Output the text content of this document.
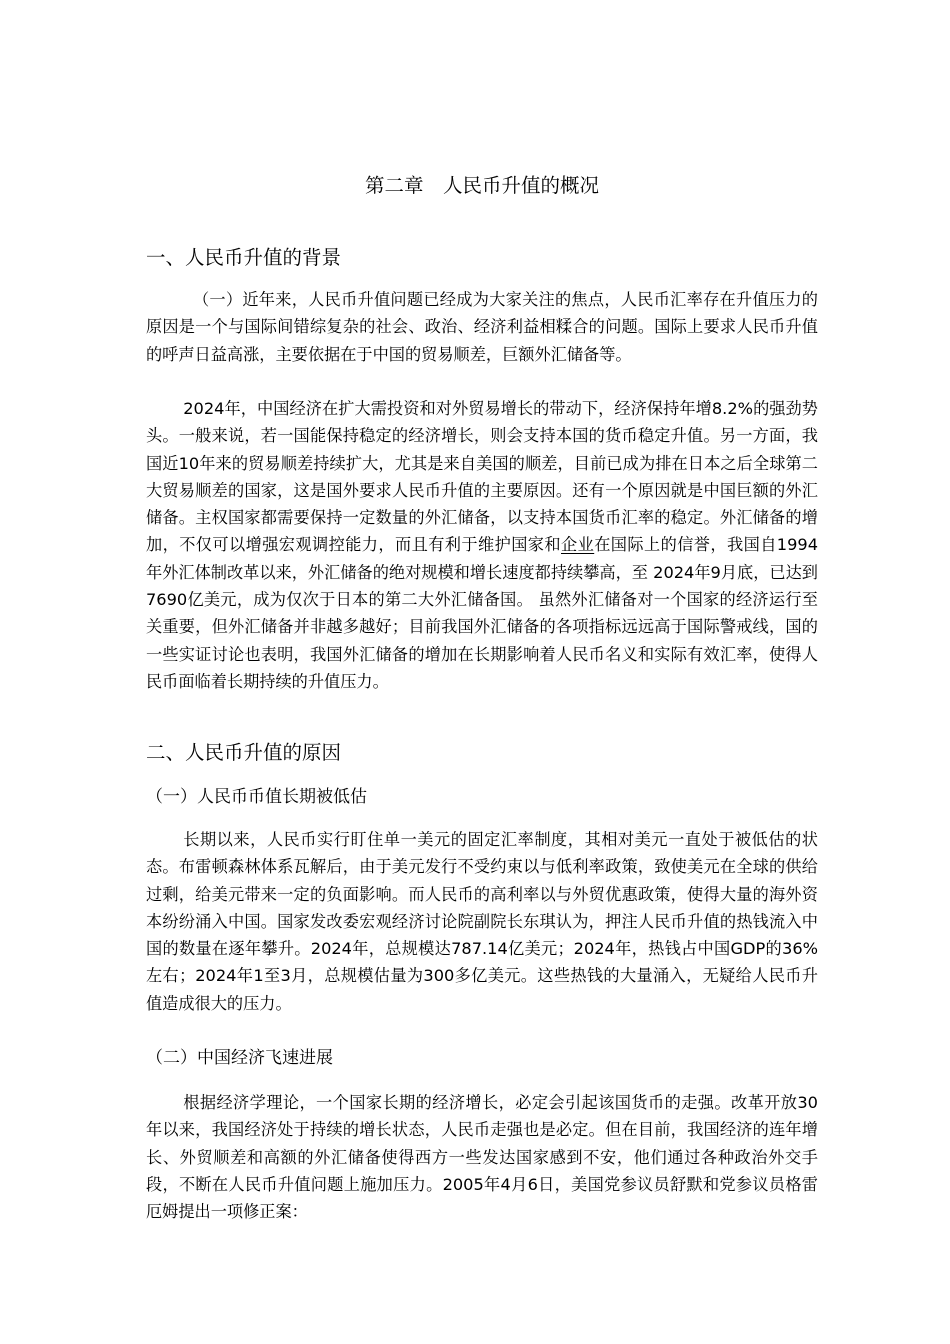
第二章　人民币升值的概况
一、人民币升值的背景

（一）近年来，人民币升值问题已经成为大家关注的焦点，人民币汇率存在升值压力的原因是一个与国际间错综复杂的社会、政治、经济利益相糅合的问题。国际上要求人民币升值的呼声日益高涨，主要依据在于中国的贸易顺差，巨额外汇储备等。

2024年，中国经济在扩大需投资和对外贸易增长的带动下，经济保持年增8.2%的强劲势头。一般来说，若一国能保持稳定的经济增长，则会支持本国的货币稳定升值。另一方面，我国近10年来的贸易顺差持续扩大，尤其是来自美国的顺差，目前已成为排在日本之后全球第二大贸易顺差的国家，这是国外要求人民币升值的主要原因。还有一个原因就是中国巨额的外汇储备。主权国家都需要保持一定数量的外汇储备，以支持本国货币汇率的稳定。外汇储备的增加，不仅可以增强宏观调控能力，而且有利于维护国家和企业在国际上的信誉，我国自1994年外汇体制改革以来，外汇储备的绝对规模和增长速度都持续攀高，至 2024年9月底，已达到7690亿美元，成为仅次于日本的第二大外汇储备国。 虽然外汇储备对一个国家的经济运行至关重要，但外汇储备并非越多越好；目前我国外汇储备的各项指标远远高于国际警戒线，国的一些实证讨论也表明，我国外汇储备的增加在长期影响着人民币名义和实际有效汇率，使得人民币面临着长期持续的升值压力。

二、人民币升值的原因
（一）人民币币值长期被低估

长期以来，人民币实行盯住单一美元的固定汇率制度，其相对美元一直处于被低估的状态。布雷顿森林体系瓦解后，由于美元发行不受约束以与低利率政策，致使美元在全球的供给过剩，给美元带来一定的负面影响。而人民币的高利率以与外贸优惠政策，使得大量的海外资本纷纷涌入中国。国家发改委宏观经济讨论院副院长东琪认为，押注人民币升值的热钱流入中国的数量在逐年攀升。2024年，总规模达787.14亿美元；2024年，热钱占中国GDP的36%左右；2024年1至3月，总规模估量为300多亿美元。这些热钱的大量涌入，无疑给人民币升值造成很大的压力。

（二）中国经济飞速进展

根据经济学理论，一个国家长期的经济增长，必定会引起该国货币的走强。改革开放30年以来，我国经济处于持续的增长状态，人民币走强也是必定。但在目前，我国经济的连年增长、外贸顺差和高额的外汇储备使得西方一些发达国家感到不安，他们通过各种政治外交手段，不断在人民币升值问题上施加压力。2005年4月6日，美国党参议员舒默和党参议员格雷厄姆提出一项修正案：
